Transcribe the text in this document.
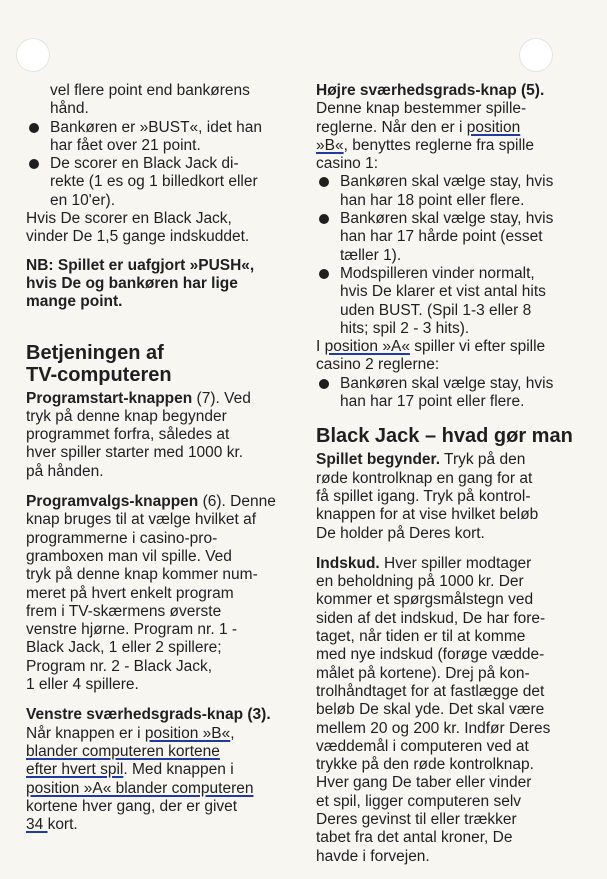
vel flere point end bankørens

hånd.

Bankøren er »BUST«, idet han

har fået over 21 point.

De scorer en Black Jack di-

rekte (1 es og 1 billedkort eller

en 10'er).

Hvis De scorer en Black Jack,

vinder De 1,5 gange indskuddet.

NB: Spillet er uafgjort »PUSH«,

hvis De og bankøren har lige

mange point.

Betjeningen af
TV-computeren

Programstart-knappen (7). Ved

tryk på denne knap begynder

programmet forfra, således at

hver spiller starter med 1000 kr.

på hånden.

Programvalgs-knappen (6). Denne

knap bruges til at vælge hvilket af

programmerne i casino-pro-

gramboxen man vil spille. Ved

tryk på denne knap kommer num-

meret på hvert enkelt program

frem i TV-skærmens øverste

venstre hjørne. Program nr. 1 -

Black Jack, 1 eller 2 spillere;

Program nr. 2 - Black Jack,

1 eller 4 spillere.

Venstre sværhedsgrads-knap (3).

Når knappen er i position »B«,

blander computeren kortene

efter hvert spil. Med knappen i

position »A« blander computeren

kortene hver gang, der er givet

34 kort.

Højre sværhedsgrads-knap (5).

Denne knap bestemmer spille-

reglerne. Når den er i position

»B«, benyttes reglerne fra spille

casino 1:

Bankøren skal vælge stay, hvis

han har 18 point eller flere.

Bankøren skal vælge stay, hvis

han har 17 hårde point (esset

tæller 1).

Modspilleren vinder normalt,

hvis De klarer et vist antal hits

uden BUST. (Spil 1-3 eller 8

hits; spil 2 - 3 hits).

I position »A« spiller vi efter spille

casino 2 reglerne:

Bankøren skal vælge stay, hvis

han har 17 point eller flere.

Black Jack – hvad gør man

Spillet begynder. Tryk på den

røde kontrolknap en gang for at

få spillet igang. Tryk på kontrol-

knappen for at vise hvilket beløb

De holder på Deres kort.

Indskud. Hver spiller modtager

en beholdning på 1000 kr. Der

kommer et spørgsmålstegn ved

siden af det indskud, De har fore-

taget, når tiden er til at komme

med nye indskud (forøge vædde-

målet på kortene). Drej på kon-

trolhåndtaget for at fastlægge det

beløb De skal yde. Det skal være

mellem 20 og 200 kr. Indfør Deres

væddemål i computeren ved at

trykke på den røde kontrolknap.

Hver gang De taber eller vinder

et spil, ligger computeren selv

Deres gevinst til eller trækker

tabet fra det antal kroner, De

havde i forvejen.
